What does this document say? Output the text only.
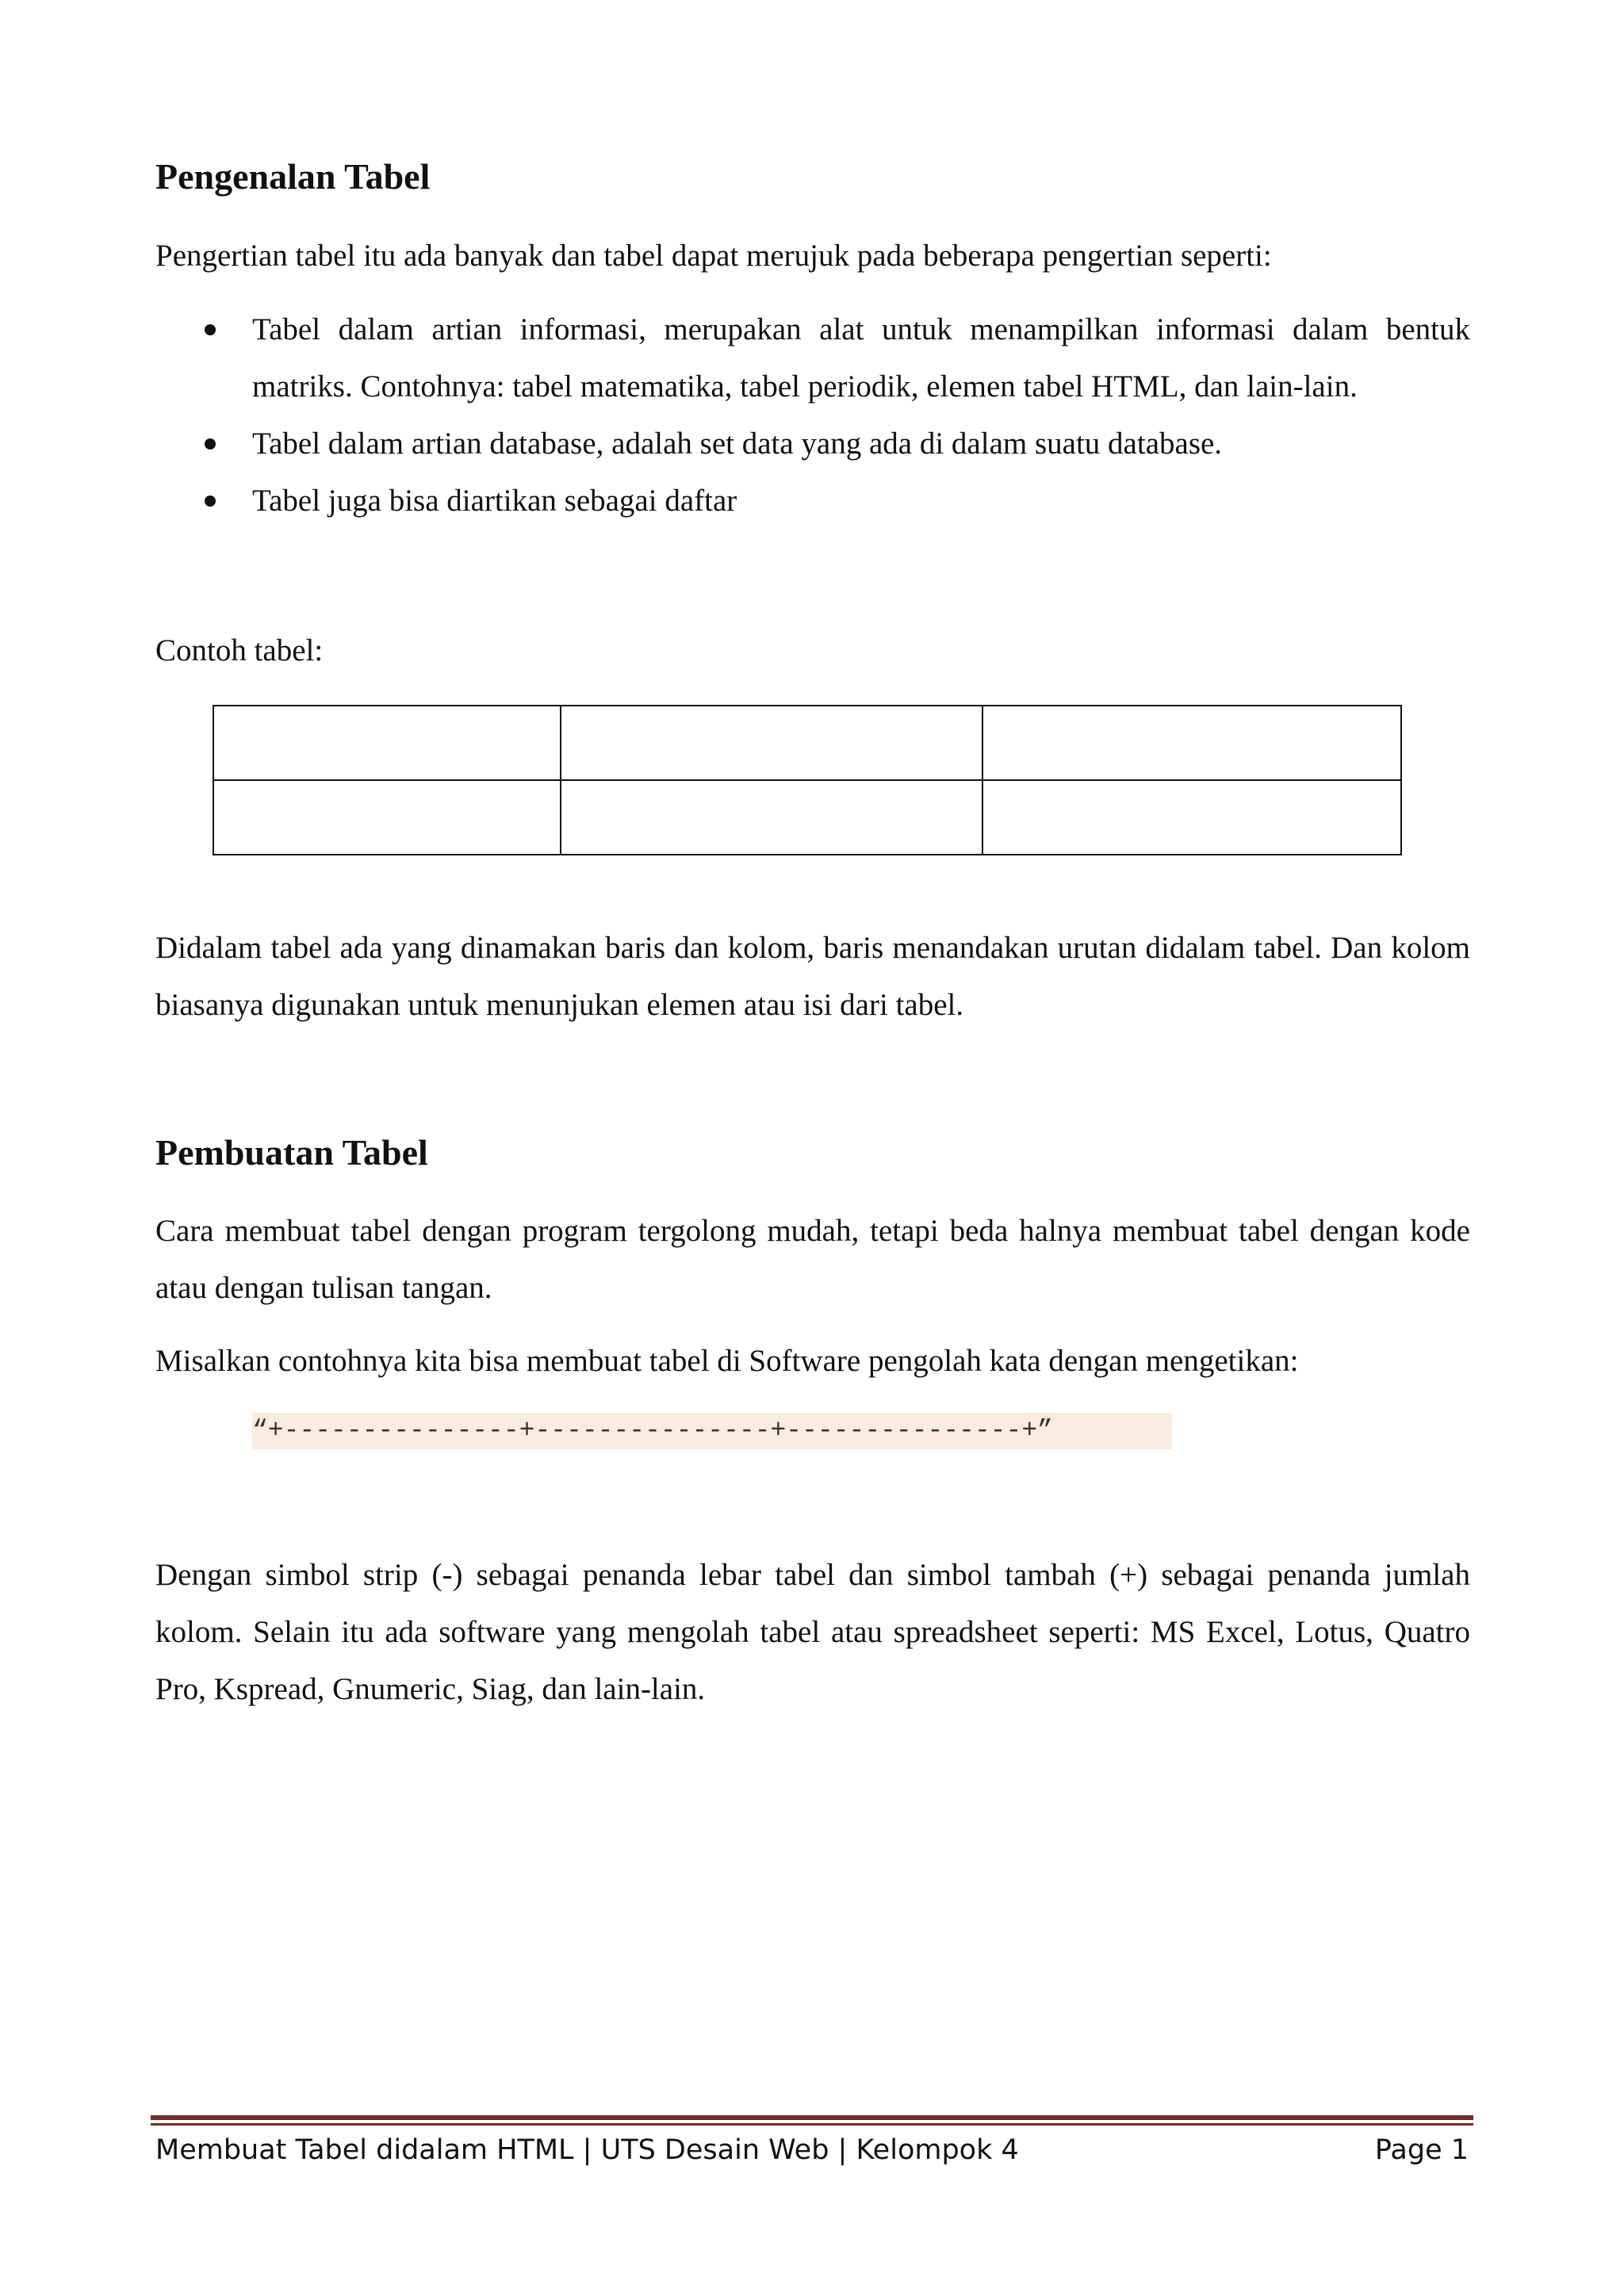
Pengenalan Tabel

Pengertian tabel itu ada banyak dan tabel dapat merujuk pada beberapa pengertian seperti:

Tabel dalam artian informasi, merupakan alat untuk menampilkan informasi dalam bentuk matriks. Contohnya: tabel matematika, tabel periodik, elemen tabel HTML, dan lain-lain.
Tabel dalam artian database, adalah set data yang ada di dalam suatu database.
Tabel juga bisa diartikan sebagai daftar

Contoh tabel:

Didalam tabel ada yang dinamakan baris dan kolom, baris menandakan urutan didalam tabel. Dan kolom biasanya digunakan untuk menunjukan elemen atau isi dari tabel.

Pembuatan Tabel

Cara membuat tabel dengan program tergolong mudah, tetapi beda halnya membuat tabel dengan kode atau dengan tulisan tangan.

Misalkan contohnya kita bisa membuat tabel di Software pengolah kata dengan mengetikan:

“+---------------+---------------+---------------+”

Dengan simbol strip (-) sebagai penanda lebar tabel dan simbol tambah (+) sebagai penanda jumlah kolom. Selain itu ada software yang mengolah tabel atau spreadsheet seperti: MS Excel, Lotus, Quatro Pro, Kspread, Gnumeric, Siag, dan lain-lain.

Membuat Tabel didalam HTML | UTS Desain Web | Kelompok 4	Page 1
